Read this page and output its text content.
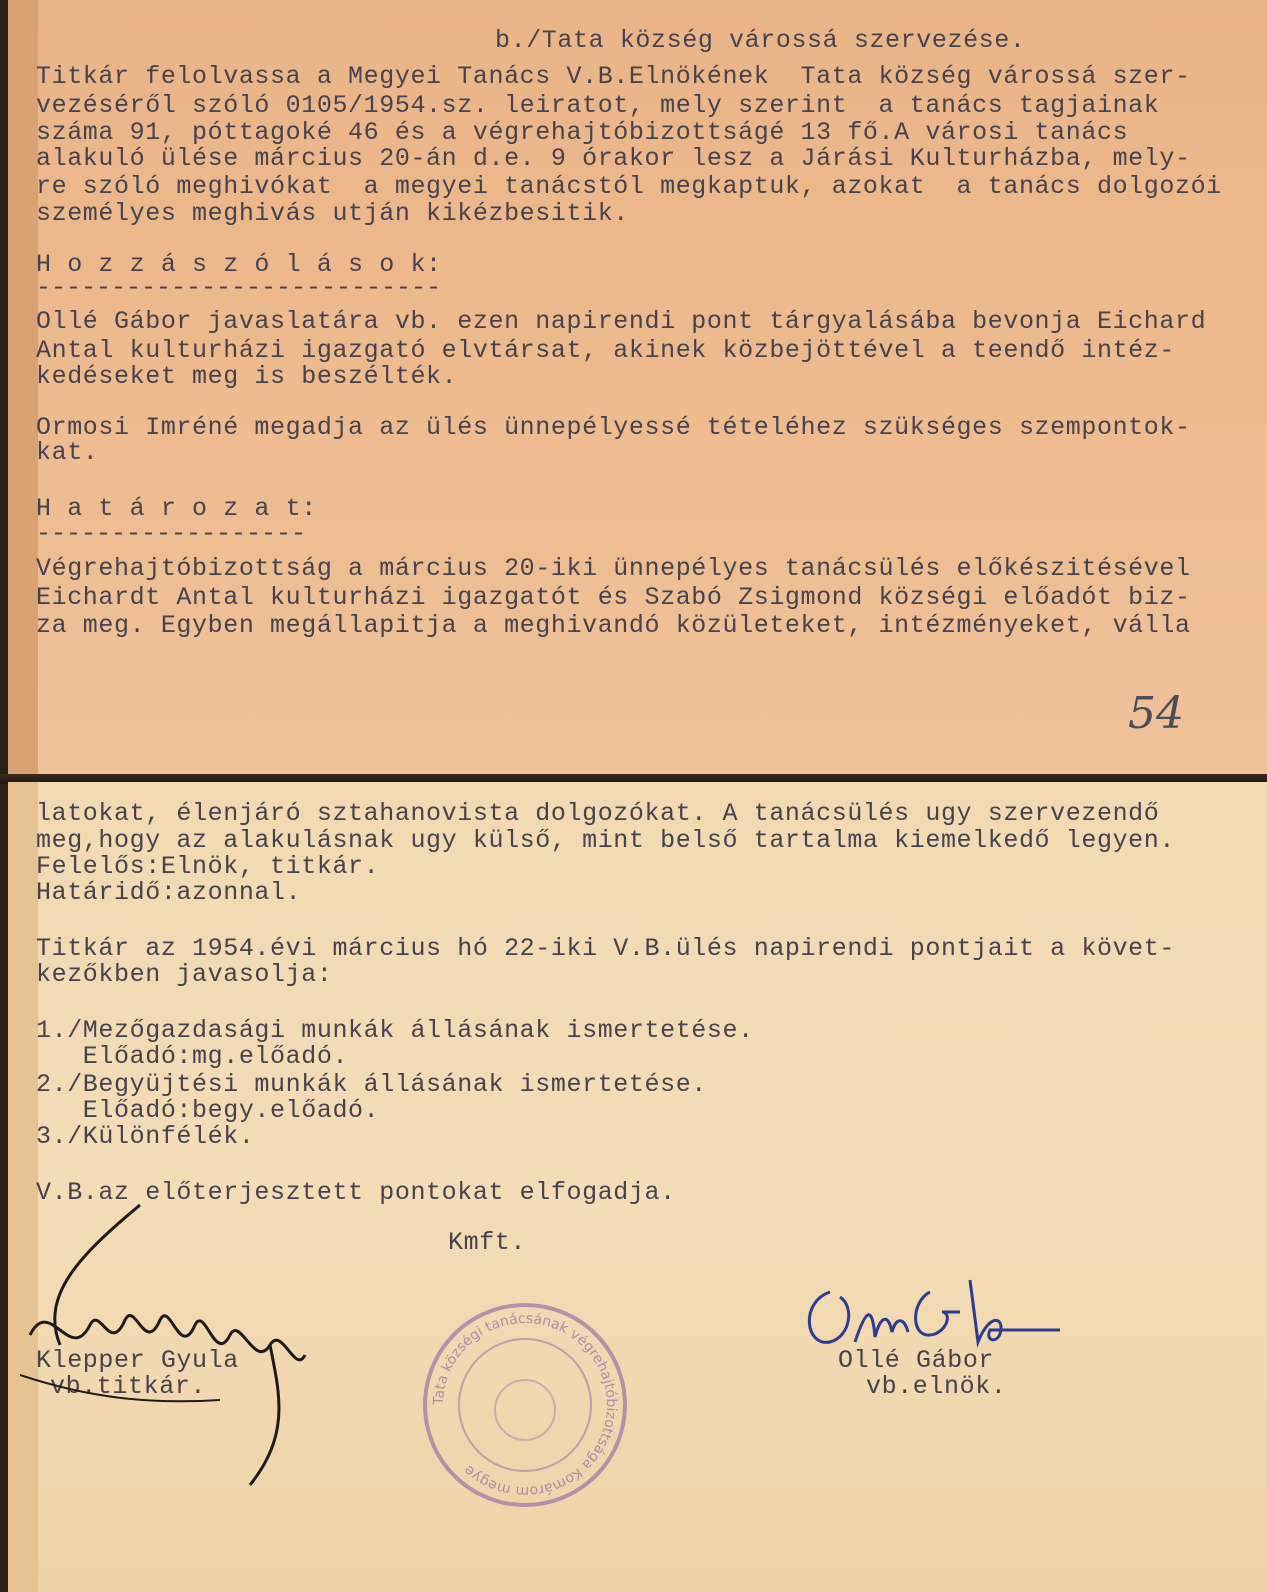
b./Tata község várossá szervezése.
Titkár felolvassa a Megyei Tanács V.B.Elnökének  Tata község várossá szer-
vezéséről szóló 0105/1954.sz. leiratot, mely szerint  a tanács tagjainak
száma 91, póttagoké 46 és a végrehajtóbizottságé 13 fő.A városi tanács
alakuló ülése március 20-án d.e. 9 órakor lesz a Járási Kulturházba, mely-
re szóló meghivókat  a megyei tanácstól megkaptuk, azokat  a tanács dolgozói
személyes meghivás utján kikézbesitik.
H o z z á s z ó l á s o k:
---------------------------
Ollé Gábor javaslatára vb. ezen napirendi pont tárgyalásába bevonja Eichard
Antal kulturházi igazgató elvtársat, akinek közbejöttével a teendő intéz-
kedéseket meg is beszélték.
Ormosi Imréné megadja az ülés ünnepélyessé tételéhez szükséges szempontok-
kat.
H a t á r o z a t:
------------------
Végrehajtóbizottság a március 20-iki ünnepélyes tanácsülés előkészitésével
Eichardt Antal kulturházi igazgatót és Szabó Zsigmond községi előadót biz-
za meg. Egyben megállapitja a meghivandó közületeket, intézményeket, válla
54
latokat, élenjáró sztahanovista dolgozókat. A tanácsülés ugy szervezendő
meg,hogy az alakulásnak ugy külső, mint belső tartalma kiemelkedő legyen.
Felelős:Elnök, titkár.
Határidő:azonnal.
Titkár az 1954.évi március hó 22-iki V.B.ülés napirendi pontjait a követ-
kezőkben javasolja:
1./Mezőgazdasági munkák állásának ismertetése.
Előadó:mg.előadó.
2./Begyüjtési munkák állásának ismertetése.
Előadó:begy.előadó.
3./Különfélék.
V.B.az előterjesztett pontokat elfogadja.
Kmft.
Klepper Gyula
vb.titkár.
Ollé Gábor
vb.elnök.
Tata községi tanácsának végrehajtóbizottsága Komárom megye
